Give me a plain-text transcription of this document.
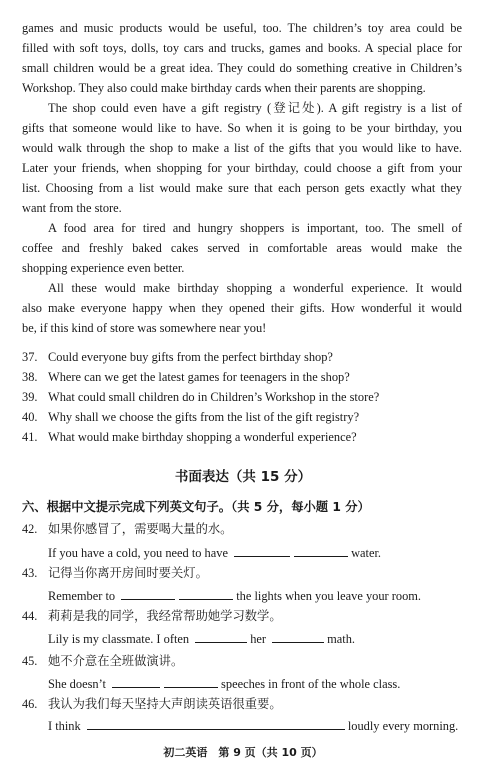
games and music products would be useful, too. The children’s toy area could be
filled with soft toys, dolls, toy cars and trucks, games and books. A special place for
small children would be a great idea. They could do something creative in Children’s
Workshop. They also could make birthday cards when their parents are shopping.
The shop could even have a gift registry (登记处). A gift registry is a list of
gifts that someone would like to have. So when it is going to be your birthday, you
would walk through the shop to make a list of the gifts that you would like to have.
Later your friends, when shopping for your birthday, could choose a gift from your
list. Choosing from a list would make sure that each person gets exactly what they
want from the store.
A food area for tired and hungry shoppers is important, too. The smell of
coffee and freshly baked cakes served in comfortable areas would make the
shopping experience even better.
All these would make birthday shopping a wonderful experience. It would
also make everyone happy when they opened their gifts. How wonderful it would
be, if this kind of store was somewhere near you!
37. Could everyone buy gifts from the perfect birthday shop?
38. Where can we get the latest games for teenagers in the shop?
39. What could small children do in Children’s Workshop in the store?
40. Why shall we choose the gifts from the list of the gift registry?
41. What would make birthday shopping a wonderful experience?
书面表达（共 15 分）
六、根据中文提示完成下列英文句子。（共 5 分，每小题 1 分）
42. 如果你感冒了，需要喝大量的水。
If you have a cold, you need to have	water.
43. 记得当你离开房间时要关灯。
Remember to	the lights when you leave your room.
44. 莉莉是我的同学，我经常帮助她学习数学。
Lily is my classmate. I often	her	math.
45. 她不介意在全班做演讲。
She doesn’t	speeches in front of the whole class.
46. 我认为我们每天坚持大声朗读英语很重要。
I think	loudly every morning.
初二英语　第 9 页（共 10 页）
